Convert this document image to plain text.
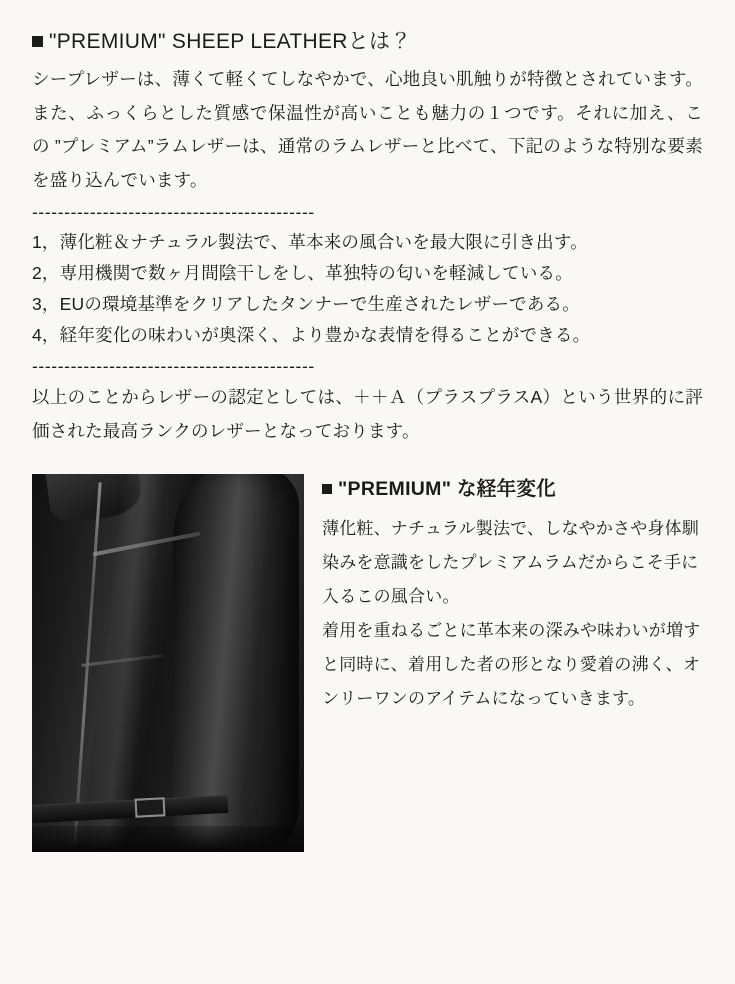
"PREMIUM" SHEEP LEATHERとは？

シープレザーは、薄くて軽くてしなやかで、心地良い肌触りが特徴とされています。また、ふっくらとした質感で保温性が高いことも魅力の１つです。それに加え、この ”プレミアム”ラムレザーは、通常のラムレザーと比べて、下記のような特別な要素を盛り込んでいます。

--------------------------------------------
1，薄化粧＆ナチュラル製法で、革本来の風合いを最大限に引き出す。
2，専用機関で数ヶ月間陰干しをし、革独特の匂いを軽減している。
3，EUの環境基準をクリアしたタンナーで生産されたレザーである。
4，経年変化の味わいが奥深く、より豊かな表情を得ることができる。
--------------------------------------------

以上のことからレザーの認定としては、＋＋Ａ（プラスプラスA）という世界的に評価された最高ランクのレザーとなっております。

"PREMIUM" な経年変化

薄化粧、ナチュラル製法で、しなやかさや身体馴染みを意識をしたプレミアムラムだからこそ手に入るこの風合い。

着用を重ねるごとに革本来の深みや味わいが増すと同時に、着用した者の形となり愛着の沸く、オンリーワンのアイテムになっていきます。
